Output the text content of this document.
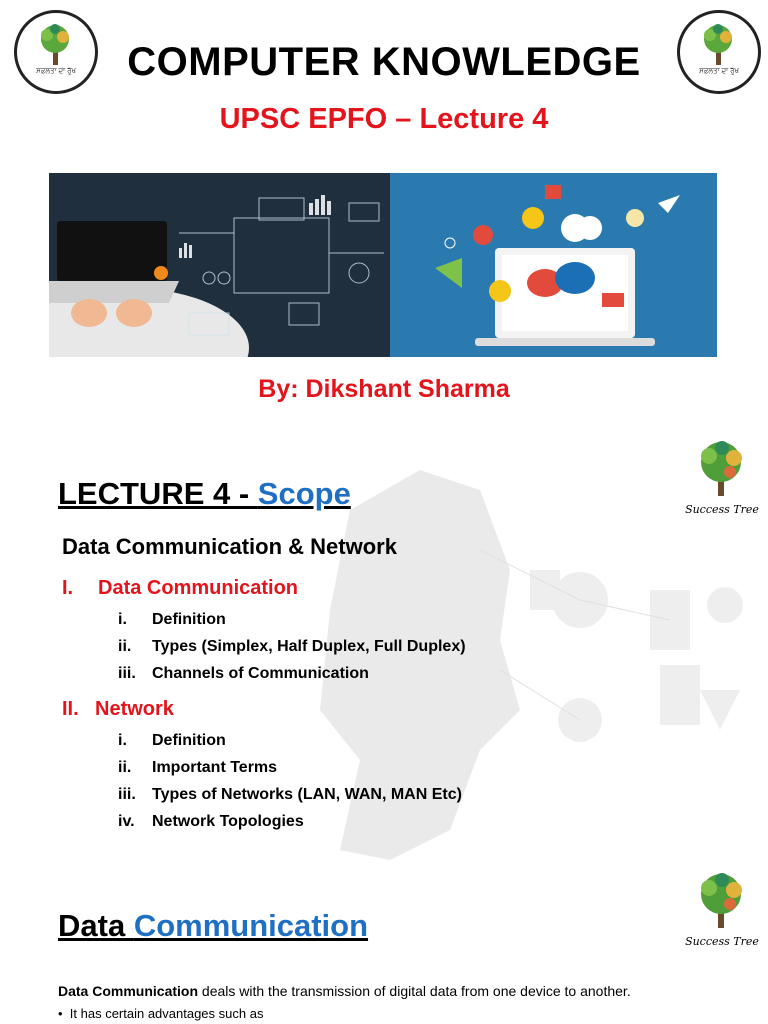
ਸਫ਼ਲਤਾ ਦਾ ਰੁੱਖ	ਸਫ਼ਲਤਾ ਦਾ ਰੁੱਖ
COMPUTER KNOWLEDGE
UPSC EPFO – Lecture 4
By: Dikshant Sharma
Success Tree
LECTURE 4 - Scope
Data Communication & Network
I. Data Communication
i. Definition
ii. Types (Simplex, Half Duplex, Full Duplex)
iii. Channels of Communication
II. Network
i. Definition
ii. Important Terms
iii. Types of Networks (LAN, WAN, MAN Etc)
iv. Network Topologies
Success Tree
Data Communication
Data Communication deals with the transmission of digital data from one device to another.
•  It has certain advantages such as
